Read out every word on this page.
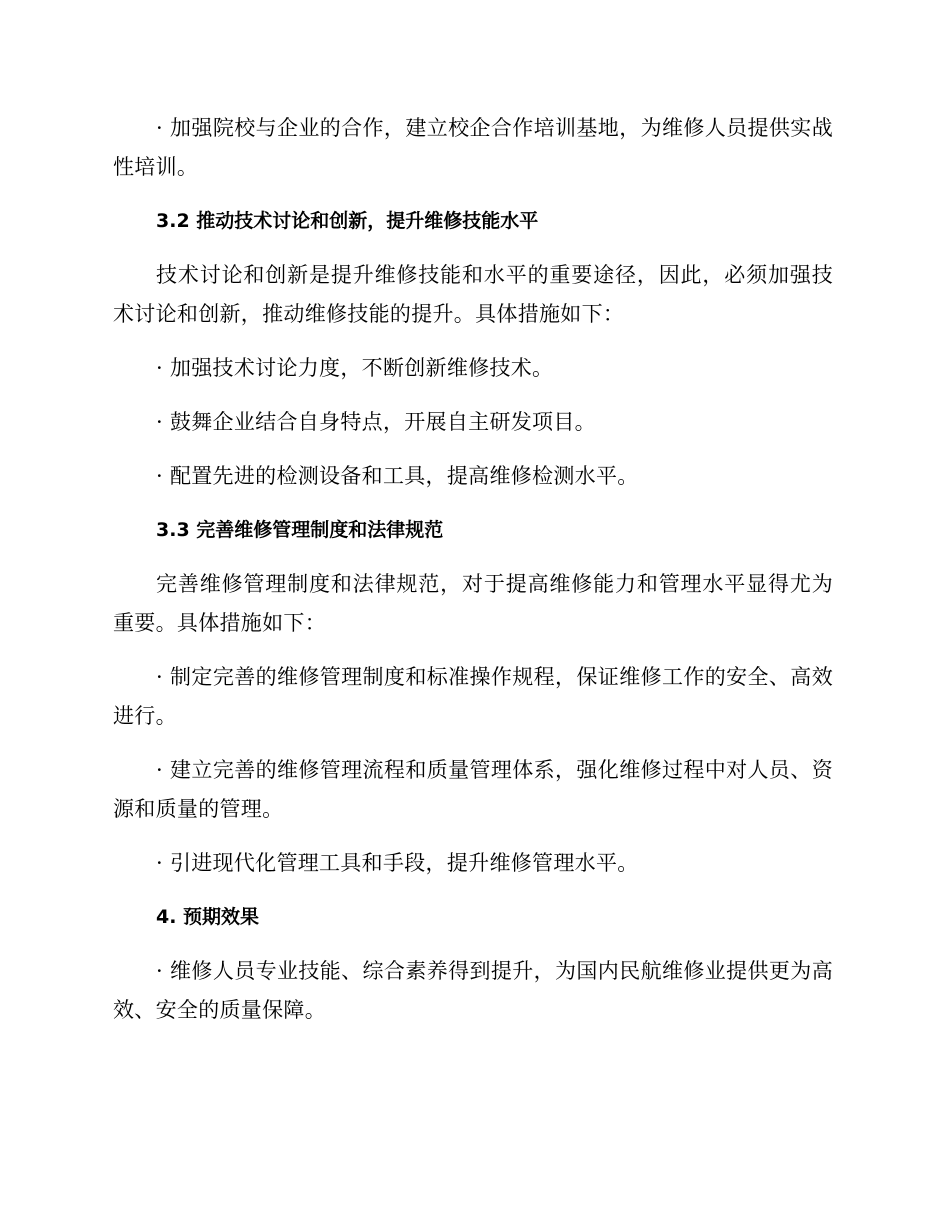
· 加强院校与企业的合作，建立校企合作培训基地，为维修人员提供实战性培训。

3.2 推动技术讨论和创新，提升维修技能水平

技术讨论和创新是提升维修技能和水平的重要途径，因此，必须加强技术讨论和创新，推动维修技能的提升。具体措施如下：

· 加强技术讨论力度，不断创新维修技术。

· 鼓舞企业结合自身特点，开展自主研发项目。

· 配置先进的检测设备和工具，提高维修检测水平。

3.3 完善维修管理制度和法律规范

完善维修管理制度和法律规范，对于提高维修能力和管理水平显得尤为重要。具体措施如下：

· 制定完善的维修管理制度和标准操作规程，保证维修工作的安全、高效进行。

· 建立完善的维修管理流程和质量管理体系，强化维修过程中对人员、资源和质量的管理。

· 引进现代化管理工具和手段，提升维修管理水平。

4. 预期效果

· 维修人员专业技能、综合素养得到提升，为国内民航维修业提供更为高效、安全的质量保障。
